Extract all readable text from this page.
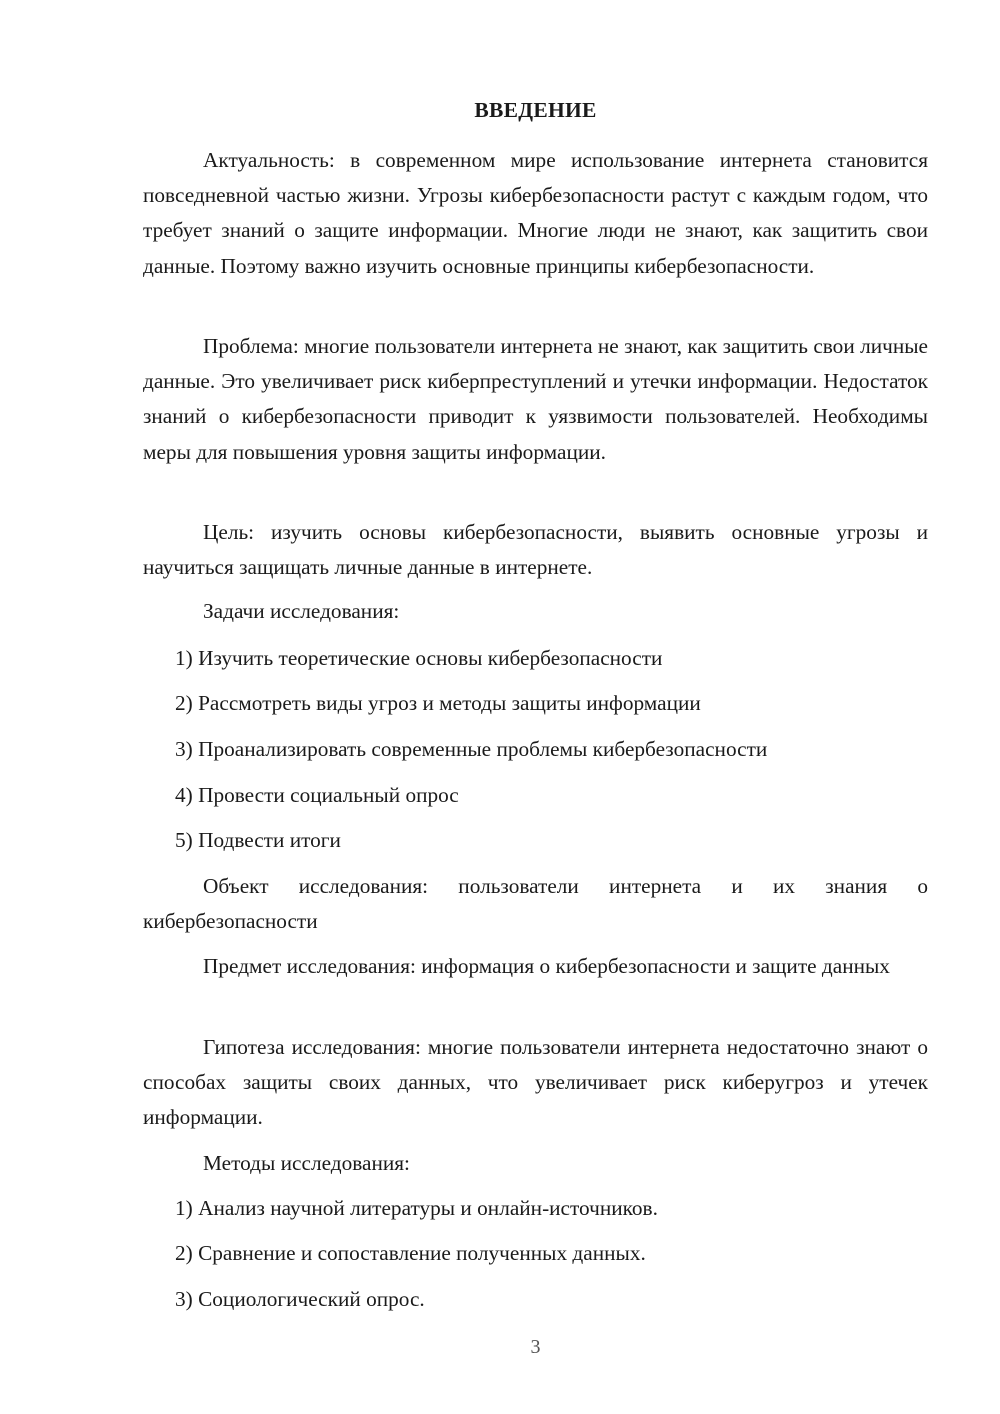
ВВЕДЕНИЕ

Актуальность: в современном мире использование интернета становится повседневной частью жизни. Угрозы кибербезопасности растут с каждым годом, что требует знаний о защите информации. Многие люди не знают, как защитить свои данные. Поэтому важно изучить основные принципы кибербезопасности.

Проблема: многие пользователи интернета не знают, как защитить свои личные данные. Это увеличивает риск киберпреступлений и утечки информации. Недостаток знаний о кибербезопасности приводит к уязвимости пользователей. Необходимы меры для повышения уровня защиты информации.

Цель: изучить основы кибербезопасности, выявить основные угрозы и научиться защищать личные данные в интернете.

Задачи исследования:

1) Изучить теоретические основы кибербезопасности

2) Рассмотреть виды угроз и методы защиты информации

3) Проанализировать современные проблемы кибербезопасности

4) Провести социальный опрос

5) Подвести итоги

Объект исследования: пользователи интернета и их знания о кибербезопасности

Предмет исследования: информация о кибербезопасности и защите данных

Гипотеза исследования: многие пользователи интернета недостаточно знают о способах защиты своих данных, что увеличивает риск киберугроз и утечек информации.

Методы исследования:

1) Анализ научной литературы и онлайн-источников.

2) Сравнение и сопоставление полученных данных.

3) Социологический опрос.

3
